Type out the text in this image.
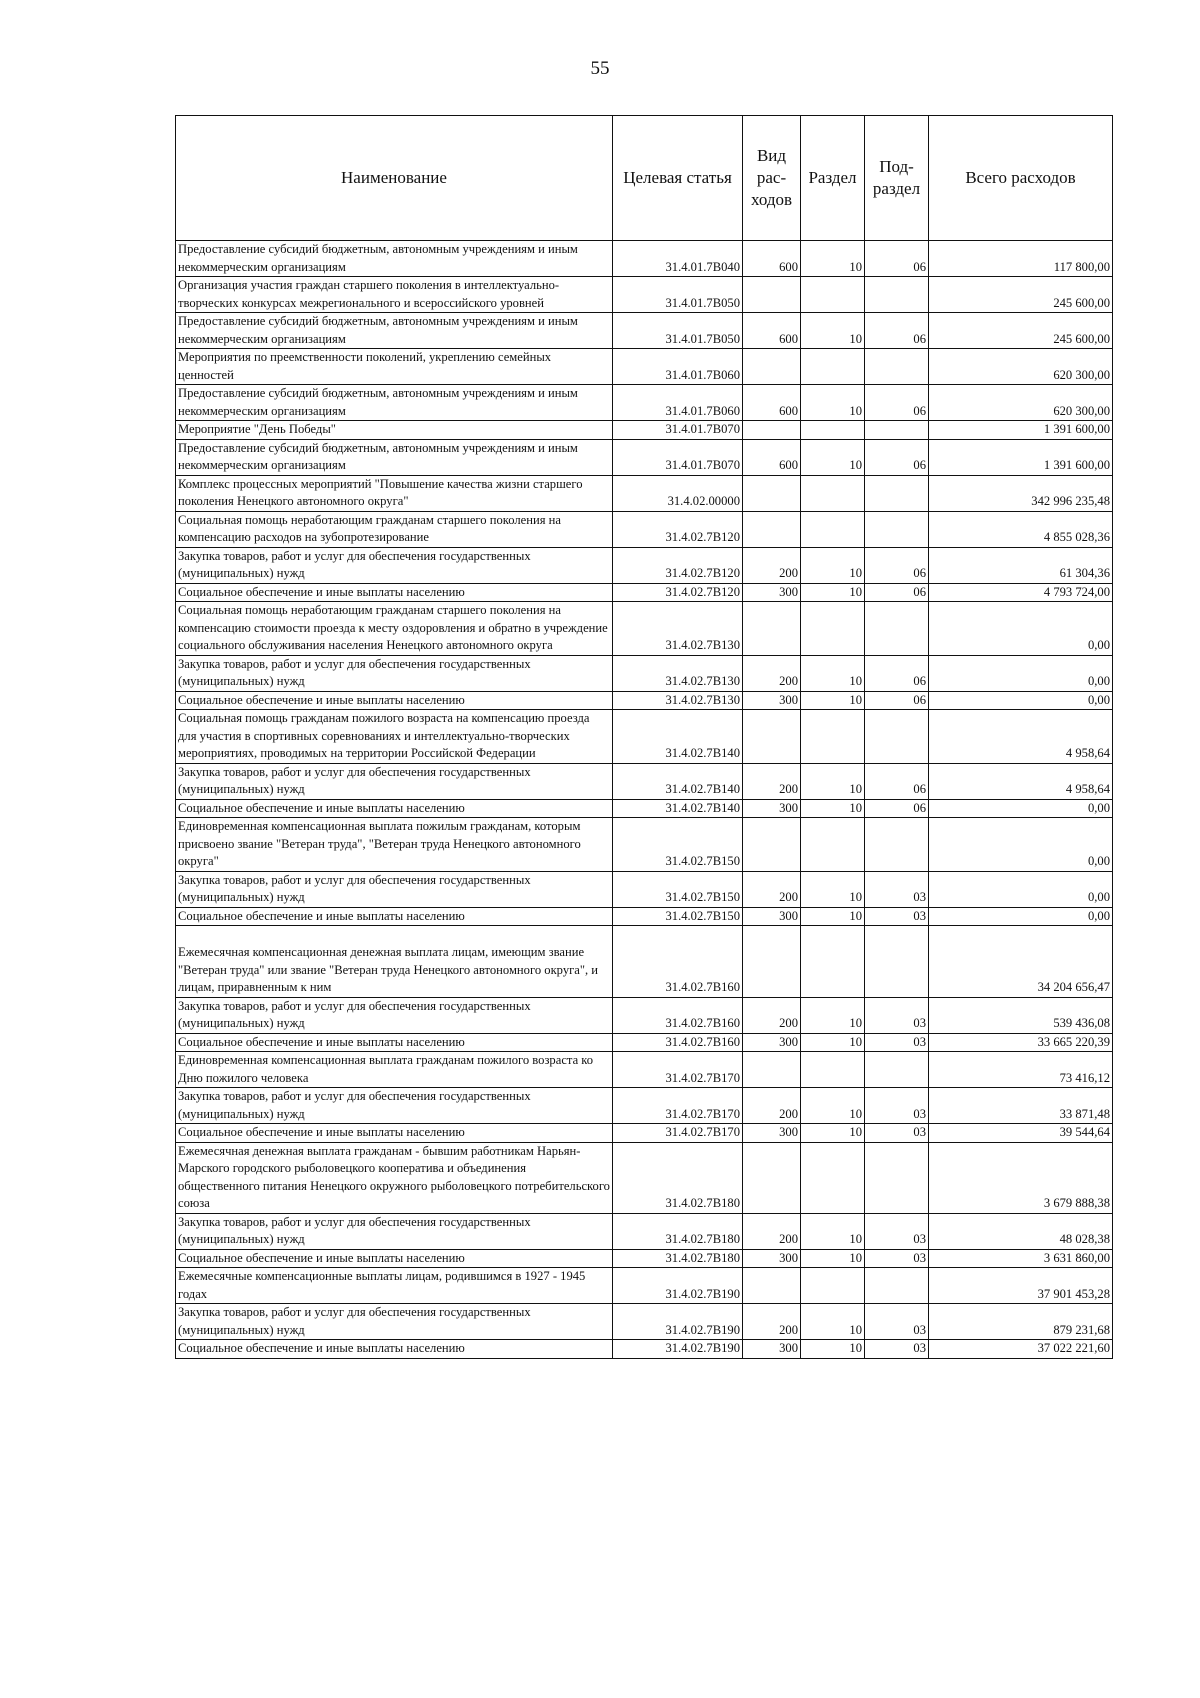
55
Наименование	Целевая статья	Вид рас- ходов	Раздел	Под- раздел	Всего расходов
Предоставление субсидий бюджетным, автономным учреждениям и иным некоммерческим организациям	31.4.01.7В040	600	10	06	117 800,00
Организация участия граждан старшего поколения в интеллектуально-творческих конкурсах межрегионального и всероссийского уровней	31.4.01.7В050				245 600,00
Предоставление субсидий бюджетным, автономным учреждениям и иным некоммерческим организациям	31.4.01.7В050	600	10	06	245 600,00
Мероприятия по преемственности поколений, укреплению семейных ценностей	31.4.01.7В060				620 300,00
Предоставление субсидий бюджетным, автономным учреждениям и иным некоммерческим организациям	31.4.01.7В060	600	10	06	620 300,00
Мероприятие "День Победы"	31.4.01.7В070				1 391 600,00
Предоставление субсидий бюджетным, автономным учреждениям и иным некоммерческим организациям	31.4.01.7В070	600	10	06	1 391 600,00
Комплекс процессных мероприятий "Повышение качества жизни старшего поколения Ненецкого автономного округа"	31.4.02.00000				342 996 235,48
Социальная помощь неработающим гражданам старшего поколения на компенсацию расходов на зубопротезирование	31.4.02.7В120				4 855 028,36
Закупка товаров, работ и услуг для обеспечения государственных (муниципальных) нужд	31.4.02.7В120	200	10	06	61 304,36
Социальное обеспечение и иные выплаты населению	31.4.02.7В120	300	10	06	4 793 724,00
Социальная помощь неработающим гражданам старшего поколения на компенсацию стоимости проезда к месту оздоровления и обратно в учреждение социального обслуживания населения Ненецкого автономного округа	31.4.02.7В130				0,00
Закупка товаров, работ и услуг для обеспечения государственных (муниципальных) нужд	31.4.02.7В130	200	10	06	0,00
Социальное обеспечение и иные выплаты населению	31.4.02.7В130	300	10	06	0,00
Социальная помощь гражданам пожилого возраста на компенсацию проезда для участия в спортивных соревнованиях и интеллектуально-творческих мероприятиях, проводимых на территории Российской Федерации	31.4.02.7В140				4 958,64
Закупка товаров, работ и услуг для обеспечения государственных (муниципальных) нужд	31.4.02.7В140	200	10	06	4 958,64
Социальное обеспечение и иные выплаты населению	31.4.02.7В140	300	10	06	0,00
Единовременная компенсационная выплата пожилым гражданам, которым присвоено звание "Ветеран труда", "Ветеран труда Ненецкого автономного округа"	31.4.02.7В150				0,00
Закупка товаров, работ и услуг для обеспечения государственных (муниципальных) нужд	31.4.02.7В150	200	10	03	0,00
Социальное обеспечение и иные выплаты населению	31.4.02.7В150	300	10	03	0,00
Ежемесячная компенсационная денежная выплата лицам, имеющим звание "Ветеран труда" или звание "Ветеран труда Ненецкого автономного округа", и лицам, приравненным к ним	31.4.02.7В160				34 204 656,47
Закупка товаров, работ и услуг для обеспечения государственных (муниципальных) нужд	31.4.02.7В160	200	10	03	539 436,08
Социальное обеспечение и иные выплаты населению	31.4.02.7В160	300	10	03	33 665 220,39
Единовременная компенсационная выплата гражданам пожилого возраста ко Дню пожилого человека	31.4.02.7В170				73 416,12
Закупка товаров, работ и услуг для обеспечения государственных (муниципальных) нужд	31.4.02.7В170	200	10	03	33 871,48
Социальное обеспечение и иные выплаты населению	31.4.02.7В170	300	10	03	39 544,64
Ежемесячная денежная выплата гражданам - бывшим работникам Нарьян-Марского городского рыболовецкого кооператива и объединения общественного питания Ненецкого окружного рыболовецкого потребительского союза	31.4.02.7В180				3 679 888,38
Закупка товаров, работ и услуг для обеспечения государственных (муниципальных) нужд	31.4.02.7В180	200	10	03	48 028,38
Социальное обеспечение и иные выплаты населению	31.4.02.7В180	300	10	03	3 631 860,00
Ежемесячные компенсационные выплаты лицам, родившимся в 1927 - 1945 годах	31.4.02.7В190				37 901 453,28
Закупка товаров, работ и услуг для обеспечения государственных (муниципальных) нужд	31.4.02.7В190	200	10	03	879 231,68
Социальное обеспечение и иные выплаты населению	31.4.02.7В190	300	10	03	37 022 221,60
